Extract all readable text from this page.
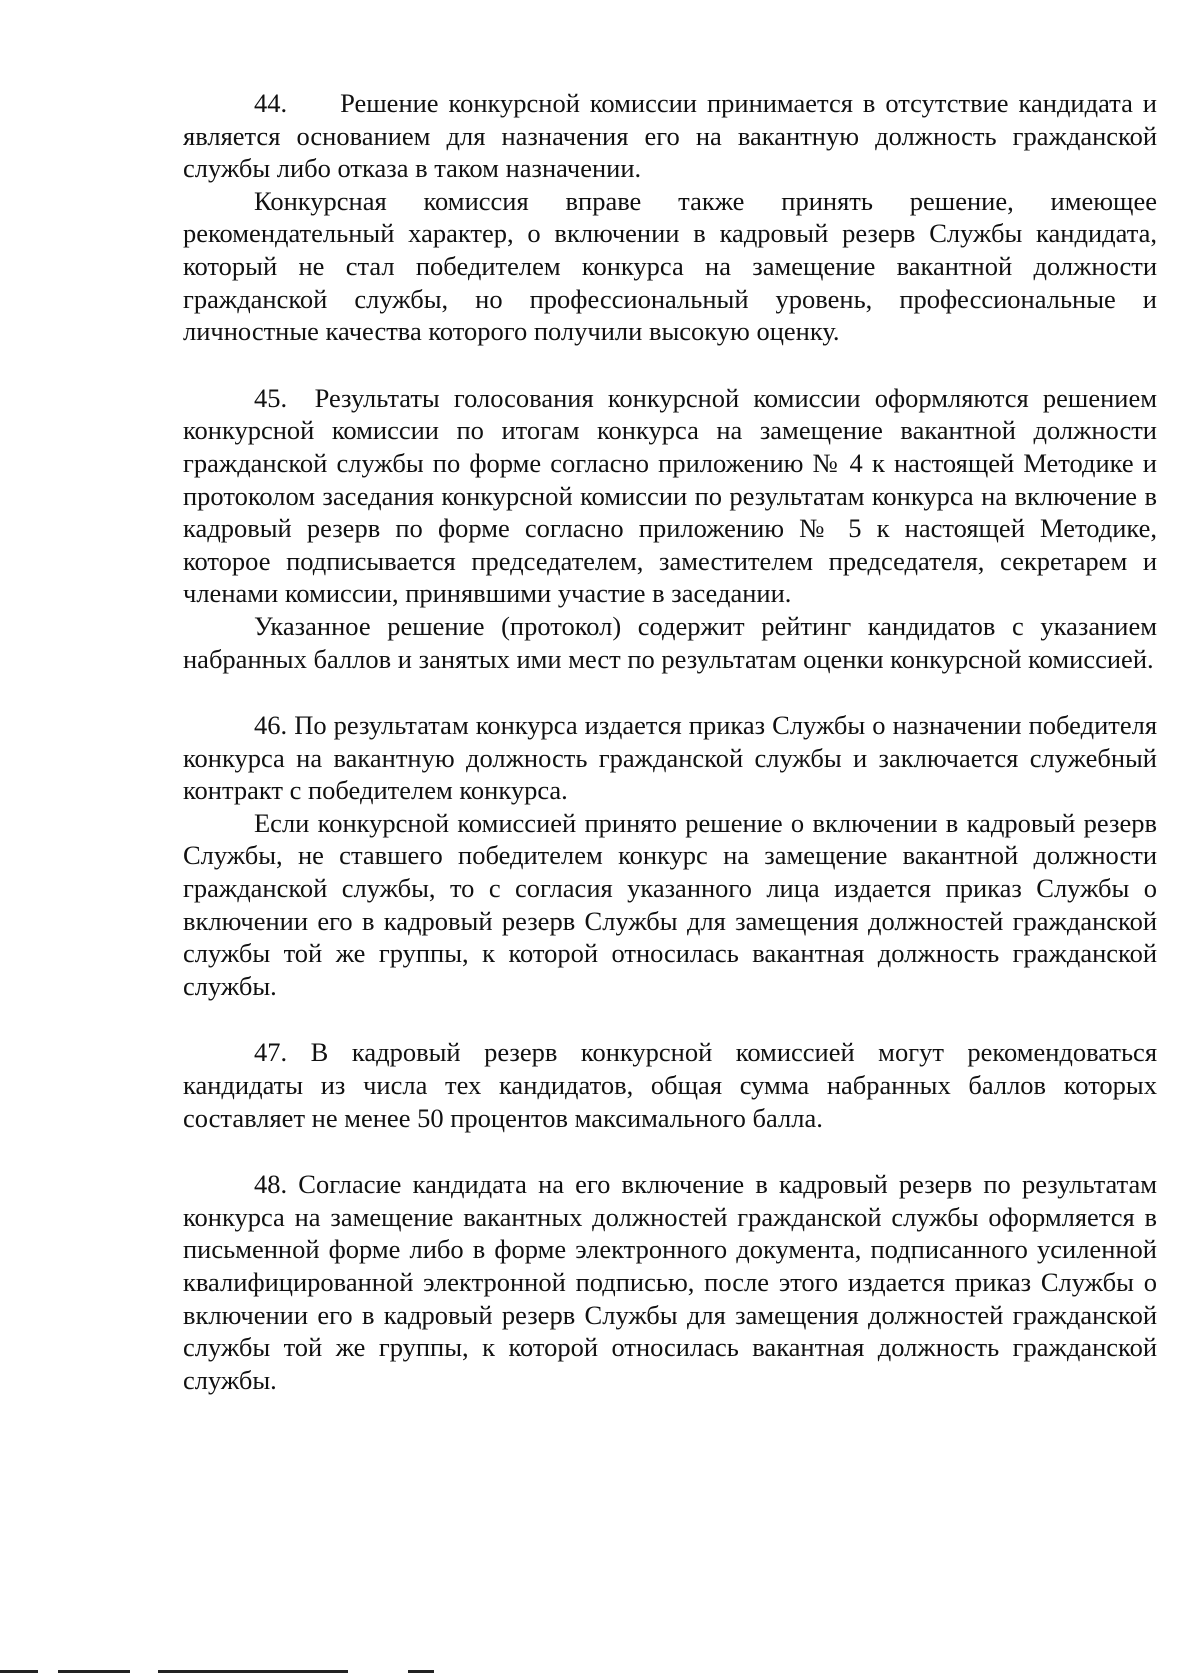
44.   Решение конкурсной комиссии принимается в отсутствие кандидата и является основанием для назначения его на вакантную должность гражданской службы либо отказа в таком назначении.

Конкурсная комиссия вправе также принять решение, имеющее рекомендательный характер, о включении в кадровый резерв Службы кандидата, который не стал победителем конкурса на замещение вакантной должности гражданской службы, но профессиональный уровень, профессиональные и личностные качества которого получили высокую оценку.

45.  Результаты голосования конкурсной комиссии оформляются решением конкурсной комиссии по итогам конкурса на замещение вакантной должности гражданской службы по форме согласно приложению № 4 к настоящей Методике и протоколом заседания конкурсной комиссии по результатам конкурса на включение в кадровый резерв по форме согласно приложению № 5 к настоящей Методике, которое подписывается председателем, заместителем председателя, секретарем и членами комиссии, принявшими участие в заседании.

Указанное решение (протокол) содержит рейтинг кандидатов с указанием набранных баллов и занятых ими мест по результатам оценки конкурсной комиссией.

46. По результатам конкурса издается приказ Службы о назначении победителя конкурса на вакантную должность гражданской службы и заключается служебный контракт с победителем конкурса.

Если конкурсной комиссией принято решение о включении в кадровый резерв Службы, не ставшего победителем конкурс на замещение вакантной должности гражданской службы, то с согласия указанного лица издается приказ Службы о включении его в кадровый резерв Службы для замещения должностей гражданской службы той же группы, к которой относилась вакантная должность гражданской службы.

47. В кадровый резерв конкурсной комиссией могут рекомендоваться кандидаты из числа тех кандидатов, общая сумма набранных баллов которых составляет не менее 50 процентов максимального балла.

48. Согласие кандидата на его включение в кадровый резерв по результатам конкурса на замещение вакантных должностей гражданской службы оформляется в письменной форме либо в форме электронного документа, подписанного усиленной квалифицированной электронной подписью, после этого издается приказ Службы о включении его в кадровый резерв Службы для замещения должностей гражданской службы той же группы, к которой относилась вакантная должность гражданской службы.
